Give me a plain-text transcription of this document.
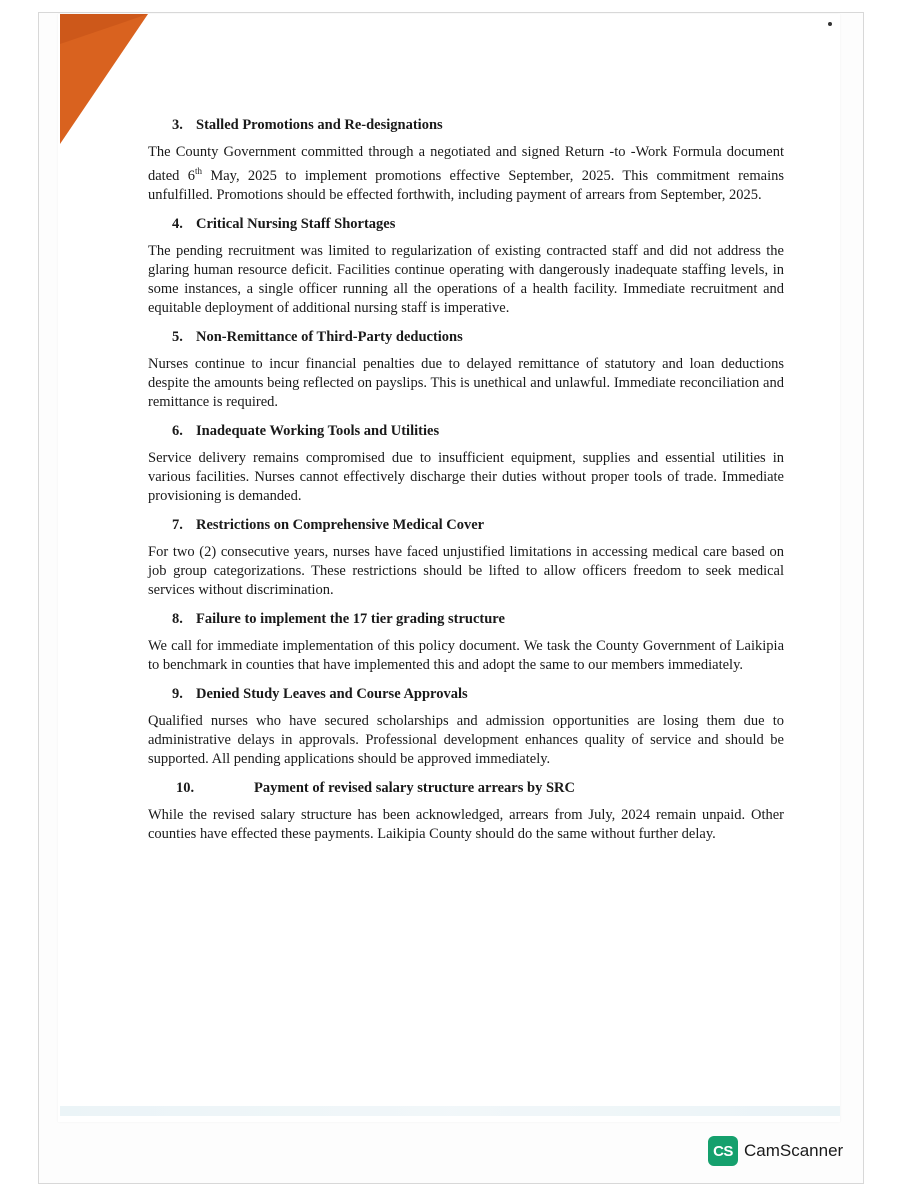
3. Stalled Promotions and Re-designations

The County Government committed through a negotiated and signed Return -to -Work Formula document dated 6th May, 2025 to implement promotions effective September, 2025. This commitment remains unfulfilled. Promotions should be effected forthwith, including payment of arrears from September, 2025.

4. Critical Nursing Staff Shortages

The pending recruitment was limited to regularization of existing contracted staff and did not address the glaring human resource deficit. Facilities continue operating with dangerously inadequate staffing levels, in some instances, a single officer running all the operations of a health facility. Immediate recruitment and equitable deployment of additional nursing staff is imperative.

5. Non-Remittance of Third-Party deductions

Nurses continue to incur financial penalties due to delayed remittance of statutory and loan deductions despite the amounts being reflected on payslips. This is unethical and unlawful. Immediate reconciliation and remittance is required.

6. Inadequate Working Tools and Utilities

Service delivery remains compromised due to insufficient equipment, supplies and essential utilities in various facilities. Nurses cannot effectively discharge their duties without proper tools of trade. Immediate provisioning is demanded.

7. Restrictions on Comprehensive Medical Cover

For two (2) consecutive years, nurses have faced unjustified limitations in accessing medical care based on job group categorizations. These restrictions should be lifted to allow officers freedom to seek medical services without discrimination.

8. Failure to implement the 17 tier grading structure

We call for immediate implementation of this policy document. We task the County Government of Laikipia to benchmark in counties that have implemented this and adopt the same to our members immediately.

9. Denied Study Leaves and Course Approvals

Qualified nurses who have secured scholarships and admission opportunities are losing them due to administrative delays in approvals. Professional development enhances quality of service and should be supported. All pending applications should be approved immediately.

10.	Payment of revised salary structure arrears by SRC

While the revised salary structure has been acknowledged, arrears from July, 2024 remain unpaid. Other counties have effected these payments. Laikipia County should do the same without further delay.

CS CamScanner
